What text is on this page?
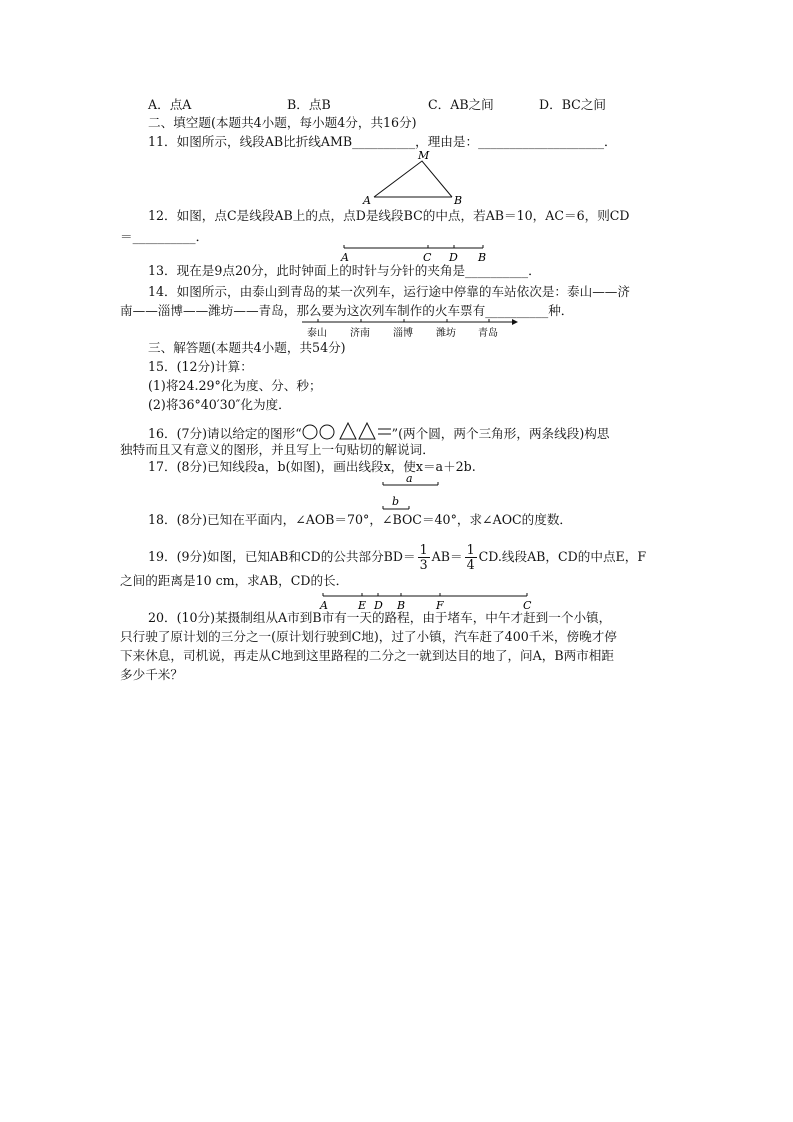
A．点A	B．点B	C．AB之间	D．BC之间
二、填空题(本题共4小题，每小题4分，共16分)
11．如图所示，线段AB比折线AMB__________，理由是：____________________．
M
A	B
12．如图，点C是线段AB上的点，点D是线段BC的中点，若AB＝10，AC＝6，则CD
＝__________．
A	C D B
13．现在是9点20分，此时钟面上的时针与分针的夹角是__________．
14．如图所示，由泰山到青岛的某一次列车，运行途中停靠的车站依次是：泰山——济
南——淄博——潍坊——青岛，那么要为这次列车制作的火车票有__________种．
泰山 济南 淄博 潍坊 青岛
三、解答题(本题共4小题，共54分)
15．(12分)计算：
(1)将24.29°化为度、分、秒；
(2)将36°40′30″化为度．
16．(7分)请以给定的图形“	”(两个圆，两个三角形，两条线段)构思
独特而且又有意义的图形，并且写上一句贴切的解说词．
17．(8分)已知线段a，b(如图)，画出线段x，使x＝a＋2b.
a
b
18．(8分)已知在平面内，∠AOB＝70°，∠BOC＝40°，求∠AOC的度数．
19．(9分)如图，已知AB和CD的公共部分$BD= \frac{1}{3} AB= \frac{1}{4}$ CD.线段AB，CD的中点E，F
之间的距离是10 cm，求AB，CD的长．
A	E D B	F	C
20．(10分)某摄制组从A市到B市有一天的路程，由于堵车，中午才赶到一个小镇，
只行驶了原计划的三分之一(原计划行驶到C地)，过了小镇，汽车赶了400千米，傍晚才停
下来休息，司机说，再走从C地到这里路程的二分之一就到达目的地了，问A，B两市相距
多少千米？
